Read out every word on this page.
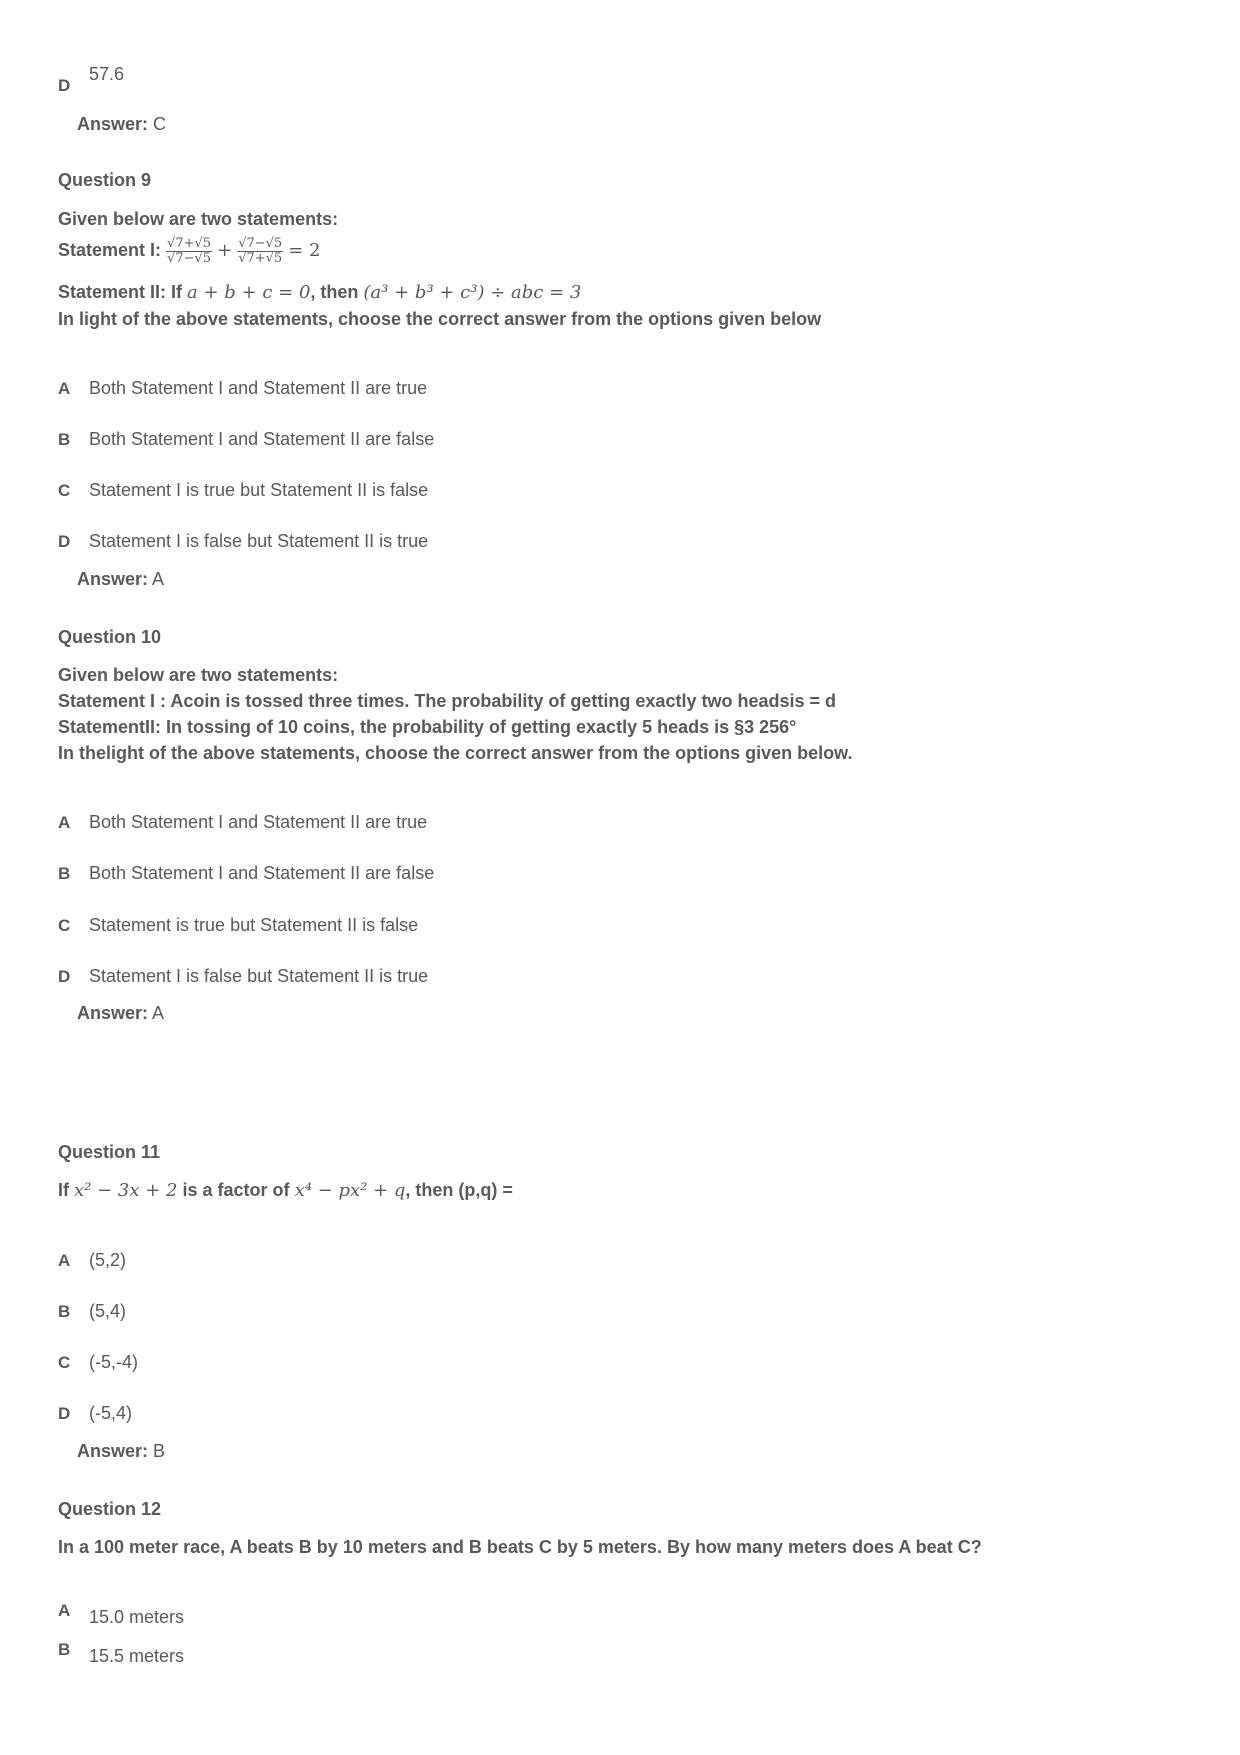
D
57.6
Answer: C
Question 9
Given below are two statements:
Statement I: $\frac{√7+√5}{√7-√5} + \frac{√7-√5}{√7+√5} = 2$
Statement II: If a + b + c = 0, then (a³ + b³ + c³) ÷ abc = 3
In light of the above statements, choose the correct answer from the options given below
A Both Statement I and Statement II are true
B Both Statement I and Statement II are false
C Statement I is true but Statement II is false
D Statement I is false but Statement II is true
Answer: A
Question 10
Given below are two statements:
Statement I : Acoin is tossed three times. The probability of getting exactly two headsis = d
StatementII: In tossing of 10 coins, the probability of getting exactly 5 heads is §3 256°
In thelight of the above statements, choose the correct answer from the options given below.
A Both Statement I and Statement II are true
B Both Statement I and Statement II are false
C Statement is true but Statement II is false
D Statement I is false but Statement II is true
Answer: A
Question 11
If x² − 3x + 2 is a factor of x⁴ − px² + q, then (p,q) =
A (5,2)
B (5,4)
C (-5,-4)
D (-5,4)
Answer: B
Question 12
In a 100 meter race, A beats B by 10 meters and B beats C by 5 meters. By how many meters does A beat C?
A 15.0 meters
B 15.5 meters
